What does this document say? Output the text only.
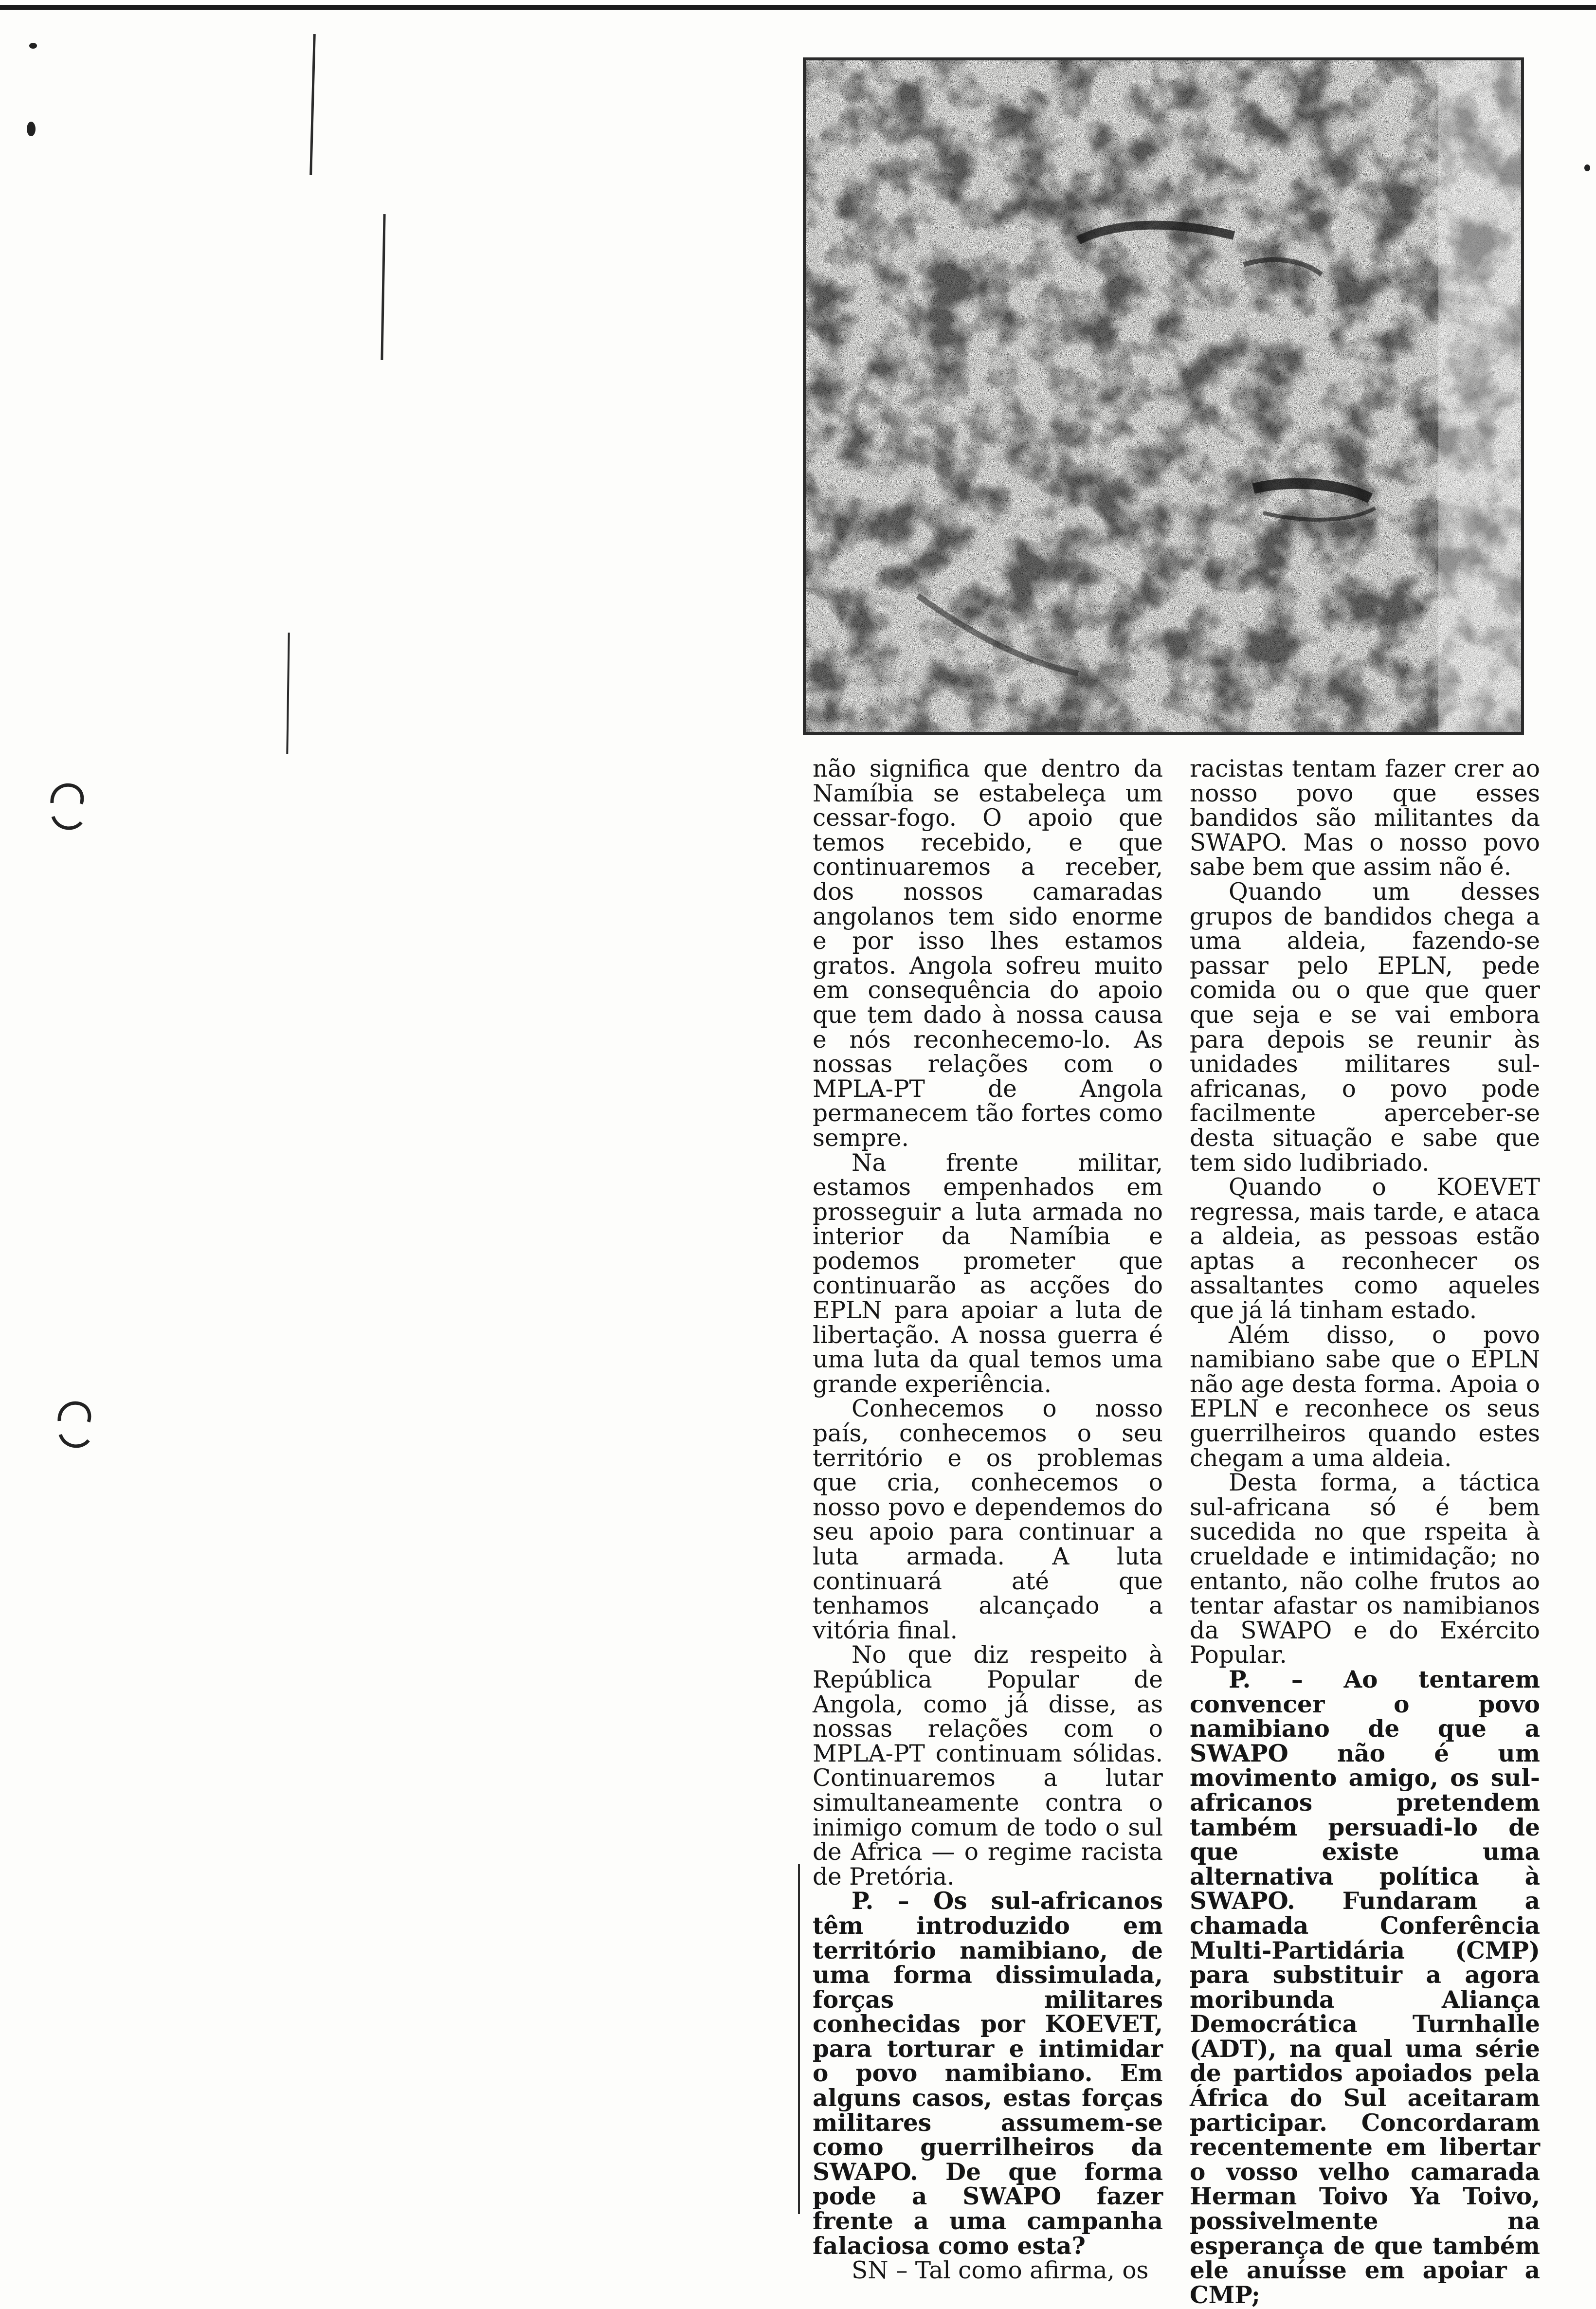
não significa que dentro da Namíbia se estabeleça um cessar-fogo. O apoio que temos recebido, e que continuaremos a receber, dos nossos camaradas angolanos tem sido enorme e por isso lhes estamos gratos. Angola sofreu muito em consequência do apoio que tem dado à nossa causa e nós reconhecemo-lo. As nossas relações com o MPLA-PT de Angola permanecem tão fortes como sempre.

Na frente militar, estamos empenhados em prosseguir a luta armada no interior da Namíbia e podemos prometer que continuarão as acções do EPLN para apoiar a luta de libertação. A nossa guerra é uma luta da qual temos uma grande experiência.

Conhecemos o nosso país, conhecemos o seu território e os problemas que cria, conhecemos o nosso povo e dependemos do seu apoio para continuar a luta armada. A luta continuará até que tenhamos alcançado a vitória final.

No que diz respeito à República Popular de Angola, como já disse, as nossas relações com o MPLA-PT continuam sólidas. Continuaremos a lutar simultaneamente contra o inimigo comum de todo o sul de Africa — o regime racista de Pretória.

P. – Os sul-africanos têm introduzido em território namibiano, de uma forma dissimulada, forças militares conhecidas por KOEVET, para torturar e intimidar o povo namibiano. Em alguns casos, estas forças militares assumem-se como guerrilheiros da SWAPO. De que forma pode a SWAPO fazer frente a uma campanha falaciosa como esta?

SN – Tal como afirma, os

racistas tentam fazer crer ao nosso povo que esses bandidos são militantes da SWAPO. Mas o nosso povo sabe bem que assim não é.

Quando um desses grupos de bandidos chega a uma aldeia, fazendo-se passar pelo EPLN, pede comida ou o que que quer que seja e se vai embora para depois se reunir às unidades militares sul-africanas, o povo pode facilmente aperceber-se desta situação e sabe que tem sido ludibriado.

Quando o KOEVET regressa, mais tarde, e ataca a aldeia, as pessoas estão aptas a reconhecer os assaltantes como aqueles que já lá tinham estado.

Além disso, o povo namibiano sabe que o EPLN não age desta forma. Apoia o EPLN e reconhece os seus guerrilheiros quando estes chegam a uma aldeia.

Desta forma, a táctica sul-africana só é bem sucedida no que rspeita à crueldade e intimidação; no entanto, não colhe frutos ao tentar afastar os namibianos da SWAPO e do Exército Popular.

P. – Ao tentarem convencer o povo namibiano de que a SWAPO não é um movimento amigo, os sul-africanos pretendem também persuadi-lo de que existe uma alternativa política à SWAPO. Fundaram a chamada Conferência Multi-Partidária (CMP) para substituir a agora moribunda Aliança Democrática Turnhalle (ADT), na qual uma série de partidos apoiados pela África do Sul aceitaram participar. Concordaram recentemente em libertar o vosso velho camarada Herman Toivo Ya Toivo, possivelmente na esperança de que também ele anuísse em apoiar a CMP;
